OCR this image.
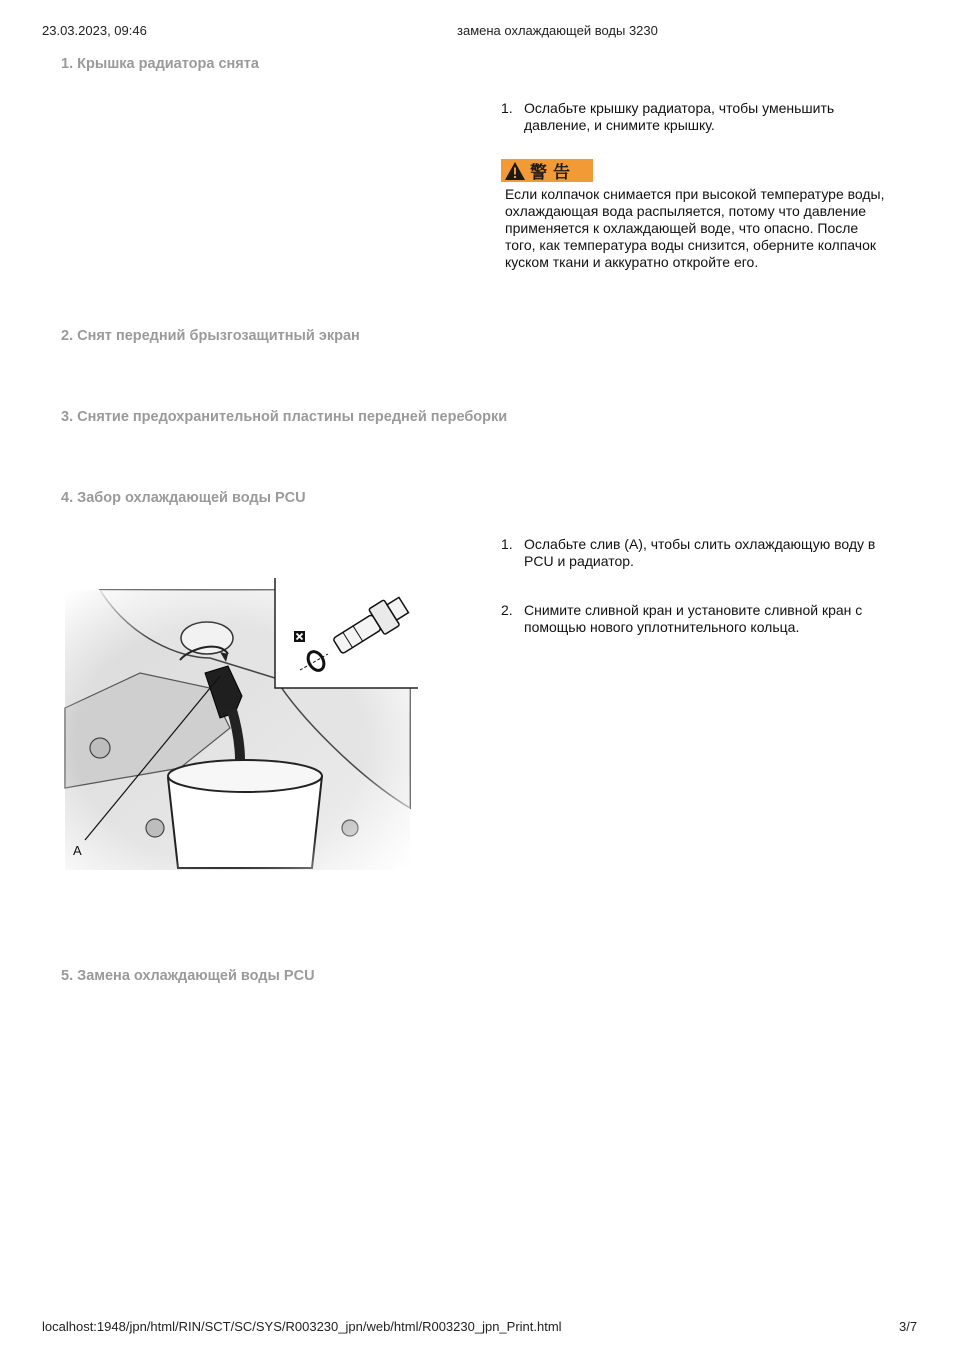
23.03.2023, 09:46	замена охлаждающей воды 3230
1. Крышка радиатора снята
1. Ослабьте крышку радиатора, чтобы уменьшить давление, и снимите крышку.
警告
Если колпачок снимается при высокой температуре воды, охлаждающая вода распыляется, потому что давление применяется к охлаждающей воде, что опасно. После того, как температура воды снизится, оберните колпачок куском ткани и аккуратно откройте его.
2. Снят передний брызгозащитный экран
3. Снятие предохранительной пластины передней переборки
4. Забор охлаждающей воды PCU
A
1. Ослабьте слив (A), чтобы слить охлаждающую воду в PCU и радиатор.
2. Снимите сливной кран и установите сливной кран с помощью нового уплотнительного кольца.
5. Замена охлаждающей воды PCU
localhost:1948/jpn/html/RIN/SCT/SC/SYS/R003230_jpn/web/html/R003230_jpn_Print.html	3/7
